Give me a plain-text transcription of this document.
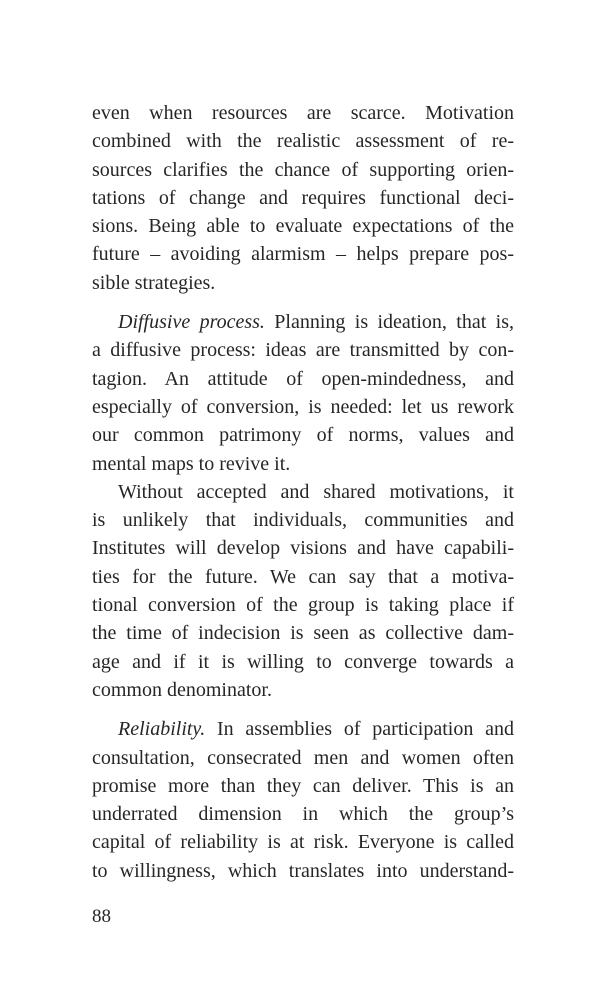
even when resources are scarce. Motivation
combined with the realistic assessment of re-
sources clarifies the chance of supporting orien-
tations of change and requires functional deci-
sions. Being able to evaluate expectations of the
future – avoiding alarmism – helps prepare pos-
sible strategies.

Diffusive process. Planning is ideation, that is,
a diffusive process: ideas are transmitted by con-
tagion. An attitude of open-mindedness, and
especially of conversion, is needed: let us rework
our common patrimony of norms, values and
mental maps to revive it.

Without accepted and shared motivations, it
is unlikely that individuals, communities and
Institutes will develop visions and have capabili-
ties for the future. We can say that a motiva-
tional conversion of the group is taking place if
the time of indecision is seen as collective dam-
age and if it is willing to converge towards a
common denominator.

Reliability. In assemblies of participation and
consultation, consecrated men and women often
promise more than they can deliver. This is an
underrated dimension in which the group’s
capital of reliability is at risk. Everyone is called
to willingness, which translates into understand-

88
